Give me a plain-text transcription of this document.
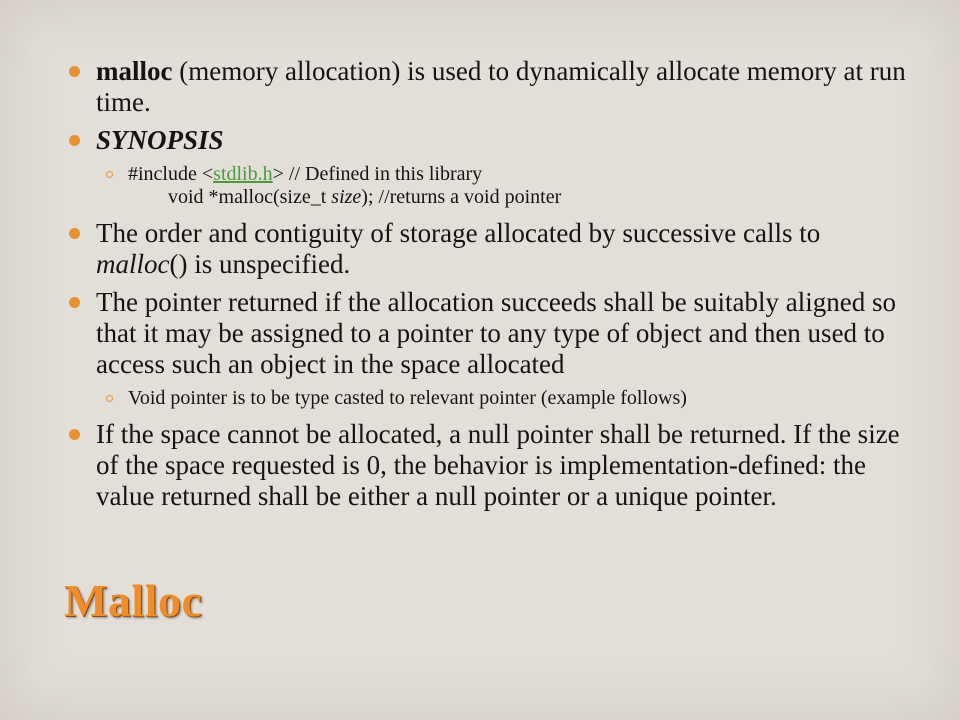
malloc (memory allocation) is used to dynamically allocate memory at run time.
SYNOPSIS
#include <stdlib.h> // Defined in this library
void *malloc(size_t size); //returns a void pointer
The order and contiguity of storage allocated by successive calls to malloc() is unspecified.
The pointer returned if the allocation succeeds shall be suitably aligned so that it may be assigned to a pointer to any type of object and then used to access such an object in the space allocated
Void pointer is to be type casted to relevant pointer (example follows)
If the space cannot be allocated, a null pointer shall be returned. If the size of the space requested is 0, the behavior is implementation-defined: the value returned shall be either a null pointer or a unique pointer.
Malloc
